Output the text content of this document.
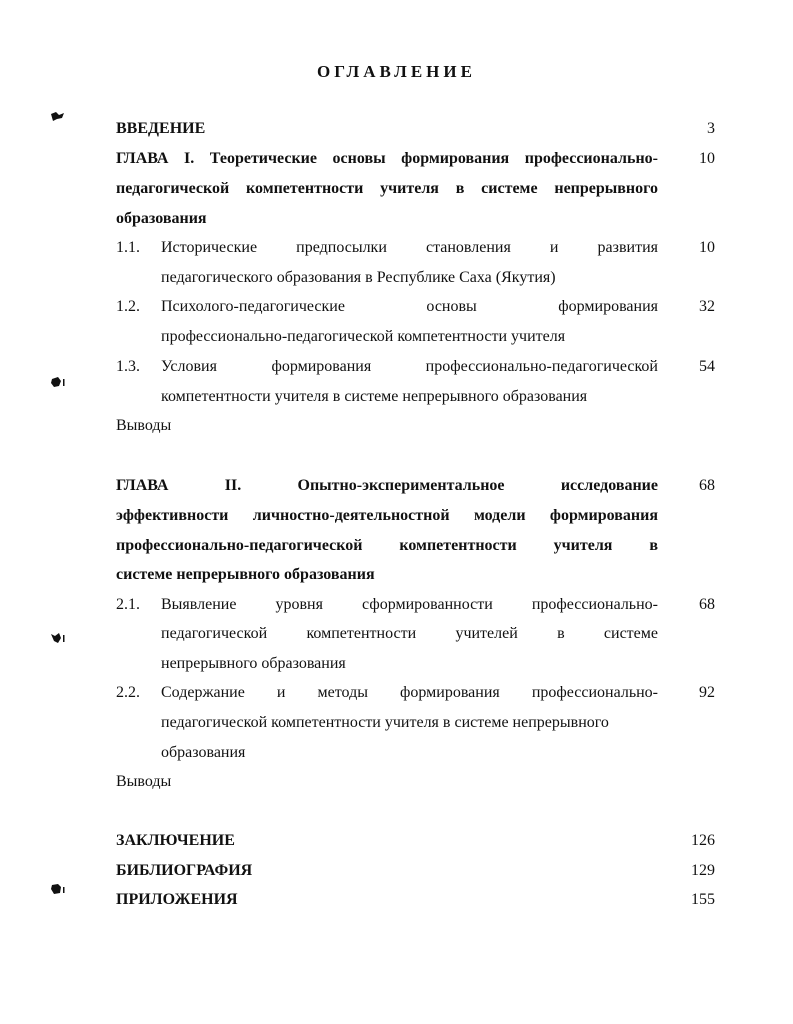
ОГЛАВЛЕНИЕ
ВВЕДЕНИЕ	3
ГЛАВА I. Теоретические основы формирования профессионально-	10
педагогической компетентности учителя в системе непрерывного
образования
1.1. Исторические предпосылки становления и развития	10
педагогического образования в Республике Саха (Якутия)
1.2. Психолого-педагогические основы формирования	32
профессионально-педагогической компетентности учителя
1.3. Условия формирования профессионально-педагогической	54
компетентности учителя в системе непрерывного образования
Выводы
ГЛАВА II. Опытно-экспериментальное исследование	68
эффективности личностно-деятельностной модели формирования
профессионально-педагогической компетентности учителя в
системе непрерывного образования
2.1. Выявление уровня сформированности профессионально-	68
педагогической компетентности учителей в системе
непрерывного образования
2.2. Содержание и методы формирования профессионально-	92
педагогической компетентности учителя в системе непрерывного
образования
Выводы
ЗАКЛЮЧЕНИЕ	126
БИБЛИОГРАФИЯ	129
ПРИЛОЖЕНИЯ	155
